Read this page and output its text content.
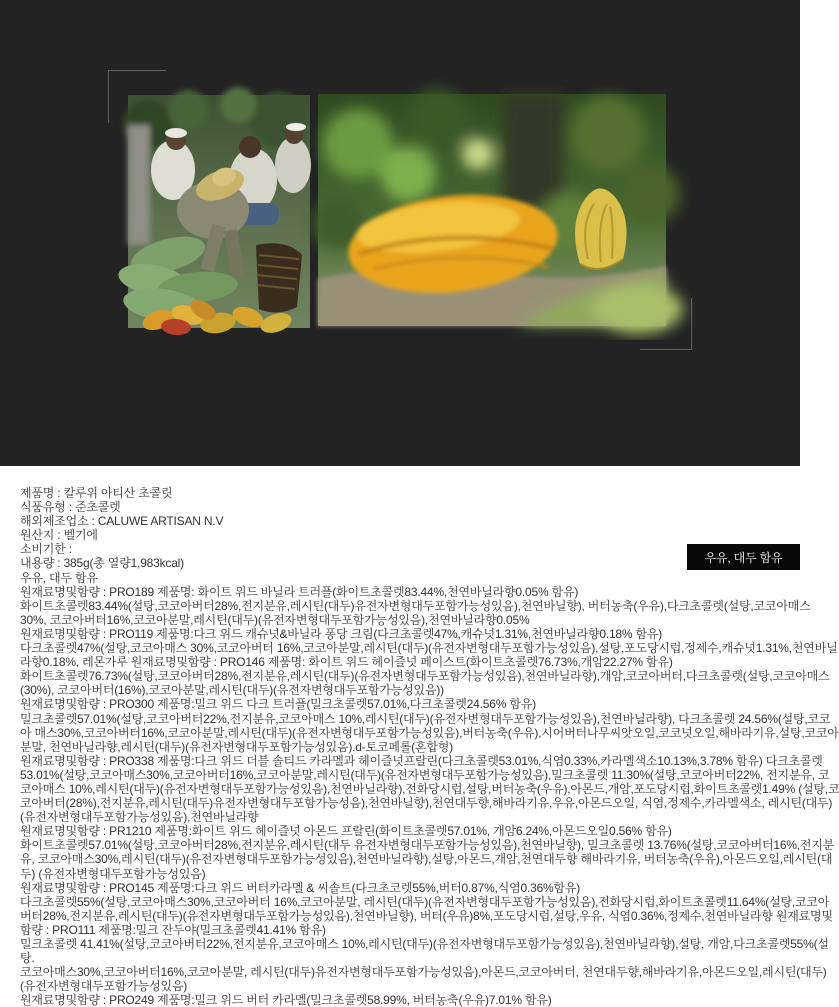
제품명 : 칼루위 아티산 초콜릿
식품유형 : 준초콜렛
해외제조업소 : CALUWE ARTISAN N.V
원산지 : 벨기에
소비기한 :
내용량 : 385g(총 열량1,983kcal)
우유, 대두 함유
원재료명및함량 : PRO189 제품명: 화이트 위드 바닐라 트러플(화이트초콜렛83.44%,천연바닐라향0.05% 함유)
화이트초콜렛83.44%(설탕,코코아버터28%,전지분유,레시틴(대두)유전자변형대두포함가능성있음),천연바닐향), 버터농축(우유),다크초콜렛(설탕,코코아매스
30%, 코코아버터16%,코코아분말,레시틴(대두)(유전자변형대두포함가능성있음),천연바닐라향0.05%
원재료명및함량 : PRO119 제품명:다크 위드 캐슈넛&바닐라 퐁당 크림(다크초콜렛47%,캐슈넛1.31%,천연바닐라향0.18% 함유)
다크초콜렛47%(설탕,코코아매스 30%,코코아버터 16%,코코아분말,레시틴(대두)(유전자변형대두포함가능성있음),설탕,포도당시럽,정제수,캐슈넛1.31%,천연바닐
라향0.18%, 레몬가루 원재료명및함량 : PRO146 제품명: 화이트 위드 헤이즐넛 페이스트(화이트초콜렛76.73%,개암22.27% 함유)
화이트초콜렛76.73%(설탕,코코아버터28%,전지분유,레시틴(대두)(유전자변형대두포함가능성있음),천연바닐라향),개암,코코아버터,다크초콜렛(설탕,코코아매스
(30%), 코코아버터(16%),코코아분말,레시틴(대두)(유전자변형대두포함가능성있음))
원재료명및함량 : PRO300 제품명:밀크 위드 다크 트러플(밀크초콜렛57.01%,다크초콜렛24.56% 함유)
밀크초콜렛57.01%(설탕,코코아버터22%,전지분유,코코아매스 10%,레시틴(대두)(유전자변형대두포함가능성있음),천연바닐라향), 다크초콜렛 24.56%(설탕,코코
아 매스30%,코코아버터16%,코코아분말,레시틴(대두)(유전자변형대두포함가능성있음),버터농축(우유),시어버터나무씨앗오일,코코넛오일,해바라기유,설탕,코코아
분말, 천연바닐라향,레시틴(대두)(유전자변형대두포함가능성있음).d-토코페롤(혼합형)
원재료명및함량 : PRO338 제품명:다크 위드 더블 솔티드 카라멜과 헤이즐넛프랄린(다크초콜렛53.01%,식염0.33%,카라멜색소10.13%,3.78% 함유) 다크초콜렛
53.01%(설탕,코코아매스30%,코코아버터16%,코코아분말,레시틴(대두)(유전자변형대두포함가능성있음),밀크초콜렛 11.30%(설탕,코코아버터22%, 전지분유, 코
코아매스 10%,레시틴(대두)(유전자변형대두포함가능성있음),천연바닐라향),전화당시럽,설탕,버터농축(우유),아몬드,개암,포도당시럽,화이트초콜렛1.49% (설탕,코
코아버터(28%),전지분유,레시틴(대두)유전자변형대두포함가능성음),천연바닐향),천연대두향,해바라기유,우유,아몬드오일, 식염,정제수,카라멜색소, 레시틴(대두)
(유전자변형대두포함가능성있음),천연바닐라향
원재료명및함량 : PR1210 제품명:화이트 위드 헤이즐넛 아몬드 프랄린(화이트초콜렛57.01%, 개암6.24%,아몬드오일0.56% 함유)
화이트초콜렛57.01%(설탕,코코아버터28%,전지분유,레시틴(대두 유전자변형대두포함가능성있음),천연바닐향), 밀크초콜렛 13.76%(설탕,코코아버터16%,전지분
유, 코코아매스30%,레시틴(대두)(유전자변형대두포함가능성있음),천연바닐라향),설탕,아몬드,개암,천연대두향 해바라기유, 버터농축(우유),아몬드오일,레시틴(대
두) (유전자변형대두포함가능성있음)
원재료명및함량 : PRO145 제품명:다크 위드 버터카라멜 & 씨솔트(다크초코렛55%,버터0.87%,식염0.36%함유)
다크초콜렛55%(설탕,코코아매스30%,코코아버터 16%,코코아분말, 레시틴(대두)(유전자변형대두포함가능성있음),전화당시럽,화이트초콜렛11.64%(설탕,코코아
버터28%,전지분유,레시틴(대두)(유전자변형대두포함가능성있음),천연바닐향), 버터(우유)8%,포도당시럽,설탕,우유, 식염0.36%,정제수,천연바닐라향 원재료명및
함량 : PRO111 제품명:밀크 잔두야(밀크초콜렛41.41% 함유)
밀크초콜렛 41.41%(설탕,코코아버터22%,전지분유,코코아매스 10%,레시틴(대두)(유전자변형대두포함가능성있음),천연바닐라향),설탕, 개암,다크초콜렛55%(설
탕.
코코아매스30%,코코아버터16%,코코아분말, 레시틴(대두)유전자변형대두포함가능성있음),아몬드,코코아버터, 천연대두향,해바라기유,아몬드오일,레시틴(대두)
(유전자변형대두포함가능성있음)
원재료명및함량 : PRO249 제품명:밀크 위드 버터 카라멜(밀크초콜렛58.99%, 버터농축(우유)7.01% 함유)
우유, 대두 함유
